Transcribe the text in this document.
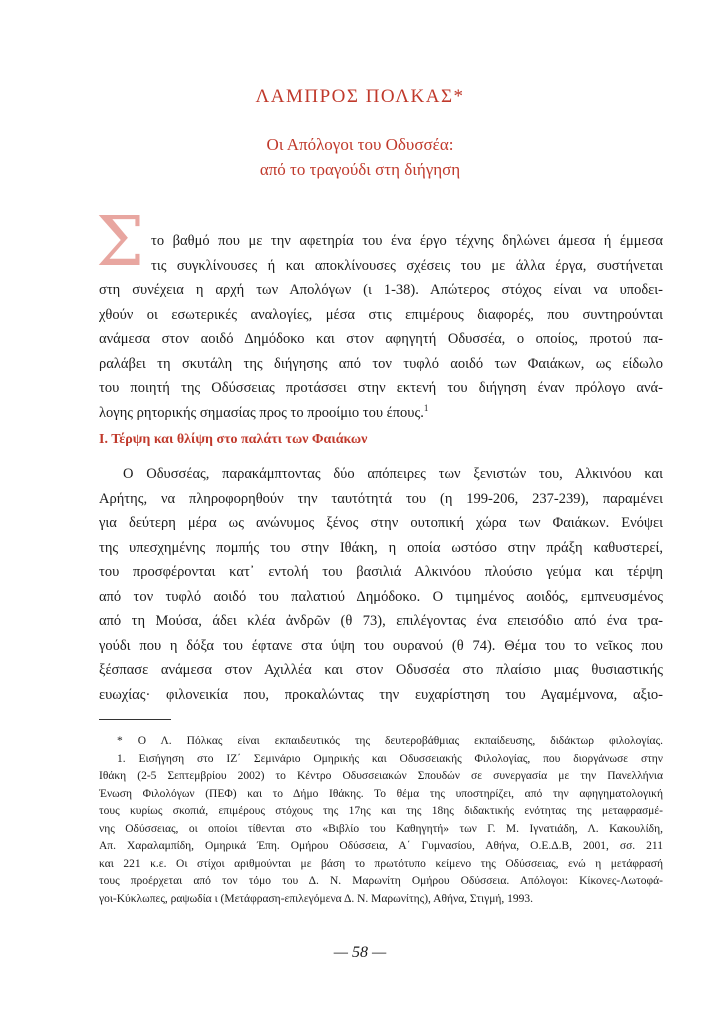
ΛΑΜΠΡΟΣ ΠΟΛΚΑΣ*
Οι Απόλογοι του Οδυσσέα:
από το τραγούδι στη διήγηση
Σ το βαθμό που με την αφετηρία του ένα έργο τέχνης δηλώνει άμεσα ή έμμεσα
τις συγκλίνουσες ή και αποκλίνουσες σχέσεις του με άλλα έργα, συστήνεται
στη συνέχεια η αρχή των Απολόγων (ι 1-38). Απώτερος στόχος είναι να υποδει-
χθούν οι εσωτερικές αναλογίες, μέσα στις επιμέρους διαφορές, που συντηρούνται
ανάμεσα στον αοιδό Δημόδοκο και στον αφηγητή Οδυσσέα, ο οποίος, προτού πα-
ραλάβει τη σκυτάλη της διήγησης από τον τυφλό αοιδό των Φαιάκων, ως είδωλο
του ποιητή της Οδύσσειας προτάσσει στην εκτενή του διήγηση έναν πρόλογο ανά-
λογης ρητορικής σημασίας προς το προοίμιο του έπους.$^1$
Ι. Τέρψη και θλίψη στο παλάτι των Φαιάκων
Ο Οδυσσέας, παρακάμπτοντας δύο απόπειρες των ξενιστών του, Αλκινόου και
Αρήτης, να πληροφορηθούν την ταυτότητά του (η 199-206, 237-239), παραμένει
για δεύτερη μέρα ως ανώνυμος ξένος στην ουτοπική χώρα των Φαιάκων. Ενόψει
της υπεσχημένης πομπής του στην Ιθάκη, η οποία ωστόσο στην πράξη καθυστερεί,
του προσφέρονται κατ᾽ εντολή του βασιλιά Αλκινόου πλούσιο γεύμα και τέρψη
από τον τυφλό αοιδό του παλατιού Δημόδοκο. Ο τιμημένος αοιδός, εμπνευσμένος
από τη Μούσα, άδει κλέα ἀνδρῶν (θ 73), επιλέγοντας ένα επεισόδιο από ένα τρα-
γούδι που η δόξα του έφτανε στα ύψη του ουρανού (θ 74). Θέμα του το νεῖκος που
ξέσπασε ανάμεσα στον Αχιλλέα και στον Οδυσσέα στο πλαίσιο μιας θυσιαστικής
ευωχίας· φιλονεικία που, προκαλώντας την ευχαρίστηση του Αγαμέμνονα, αξιο-
* Ο Λ. Πόλκας είναι εκπαιδευτικός της δευτεροβάθμιας εκπαίδευσης, διδάκτωρ φιλολογίας.
1. Εισήγηση στο ΙΖ΄ Σεμινάριο Ομηρικής και Οδυσσειακής Φιλολογίας, που διοργάνωσε στην
Ιθάκη (2-5 Σεπτεμβρίου 2002) το Κέντρο Οδυσσειακών Σπουδών σε συνεργασία με την Πανελλήνια
Ένωση Φιλολόγων (ΠΕΦ) και το Δήμο Ιθάκης. Το θέμα της υποστηρίζει, από την αφηγηματολογική
τους κυρίως σκοπιά, επιμέρους στόχους της 17ης και της 18ης διδακτικής ενότητας της μεταφρασμέ-
νης Οδύσσειας, οι οποίοι τίθενται στο «Βιβλίο του Καθηγητή» των Γ. Μ. Ιγνατιάδη, Λ. Κακουλίδη,
Απ. Χαραλαμπίδη, Ομηρικά Έπη. Ομήρου Οδύσσεια, Α΄ Γυμνασίου, Αθήνα, Ο.Ε.Δ.Β, 2001, σσ. 211
και 221 κ.ε. Οι στίχοι αριθμούνται με βάση το πρωτότυπο κείμενο της Οδύσσειας, ενώ η μετάφρασή
τους προέρχεται από τον τόμο του Δ. Ν. Μαρωνίτη Ομήρου Οδύσσεια. Απόλογοι: Κίκονες-Λωτοφά-
γοι-Κύκλωπες, ραψωδία ι (Μετάφραση-επιλεγόμενα Δ. Ν. Μαρωνίτης), Αθήνα, Στιγμή, 1993.
— 58 —
